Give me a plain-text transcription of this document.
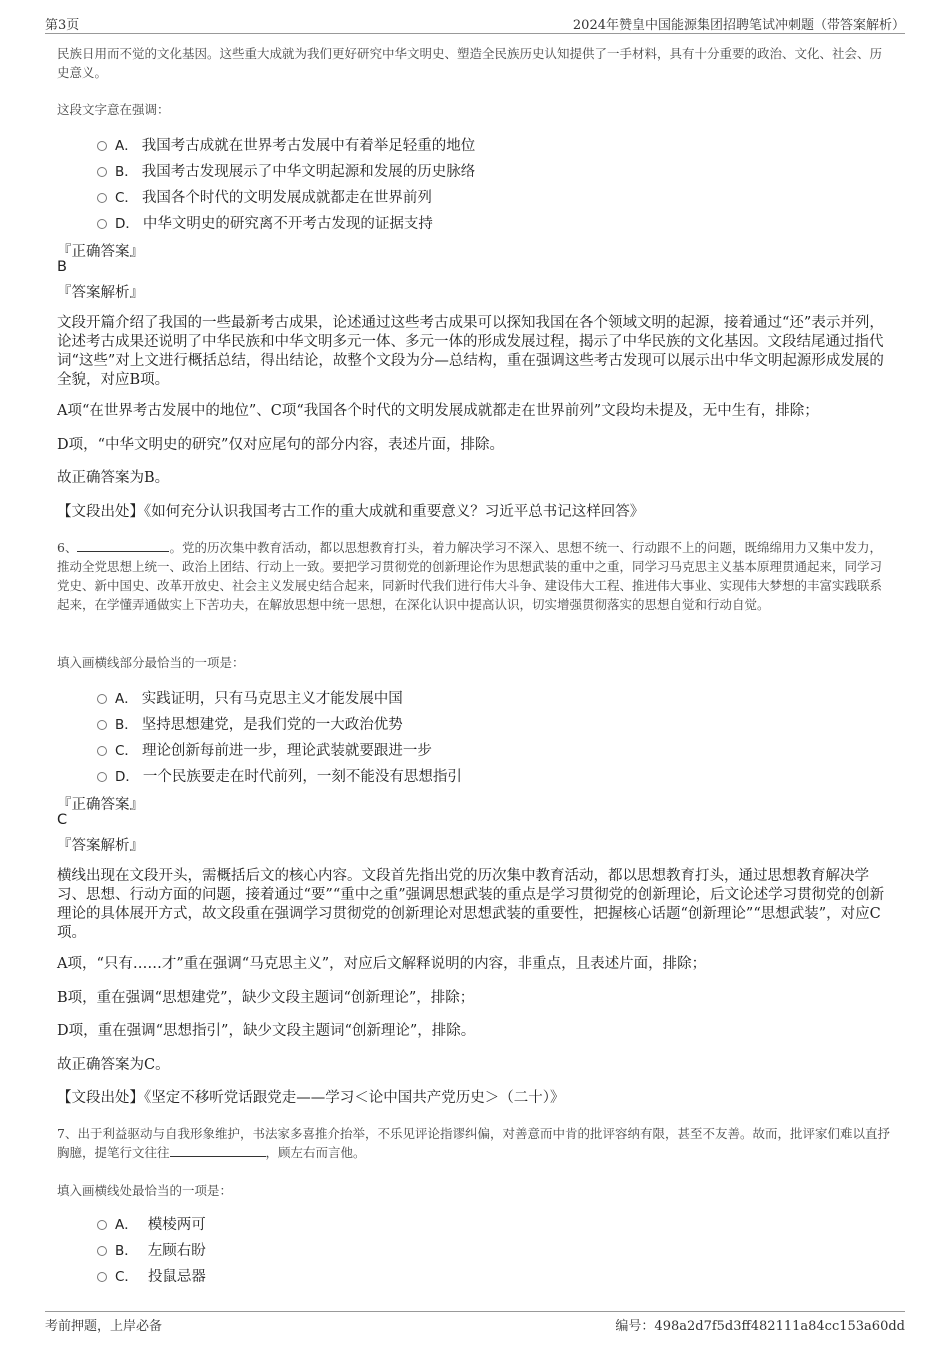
第3页	2024年赞皇中国能源集团招聘笔试冲刺题（带答案解析）
民族日用而不觉的文化基因。这些重大成就为我们更好研究中华文明史、塑造全民族历史认知提供了一手材料，具有十分重要的政治、文化、社会、历史意义。
这段文字意在强调：
A． 我国考古成就在世界考古发展中有着举足轻重的地位
B． 我国考古发现展示了中华文明起源和发展的历史脉络
C． 我国各个时代的文明发展成就都走在世界前列
D． 中华文明史的研究离不开考古发现的证据支持
『正确答案』
B
『答案解析』
文段开篇介绍了我国的一些最新考古成果，论述通过这些考古成果可以探知我国在各个领域文明的起源，接着通过“还”表示并列，论述考古成果还说明了中华民族和中华文明多元一体、多元一体的形成发展过程，揭示了中华民族的文化基因。文段结尾通过指代词“这些”对上文进行概括总结，得出结论，故整个文段为分—总结构，重在强调这些考古发现可以展示出中华文明起源形成发展的全貌，对应B项。
A项“在世界考古发展中的地位”、C项“我国各个时代的文明发展成就都走在世界前列”文段均未提及，无中生有，排除；
D项，“中华文明史的研究”仅对应尾句的部分内容，表述片面，排除。
故正确答案为B。
【文段出处】《如何充分认识我国考古工作的重大成就和重要意义？习近平总书记这样回答》
6、	。党的历次集中教育活动，都以思想教育打头，着力解决学习不深入、思想不统一、行动跟不上的问题，既绵绵用力又集中发力，推动全党思想上统一、政治上团结、行动上一致。要把学习贯彻党的创新理论作为思想武装的重中之重，同学习马克思主义基本原理贯通起来，同学习党史、新中国史、改革开放史、社会主义发展史结合起来，同新时代我们进行伟大斗争、建设伟大工程、推进伟大事业、实现伟大梦想的丰富实践联系起来，在学懂弄通做实上下苦功夫，在解放思想中统一思想，在深化认识中提高认识，切实增强贯彻落实的思想自觉和行动自觉。
填入画横线部分最恰当的一项是：
A． 实践证明，只有马克思主义才能发展中国
B． 坚持思想建党，是我们党的一大政治优势
C． 理论创新每前进一步，理论武装就要跟进一步
D． 一个民族要走在时代前列，一刻不能没有思想指引
『正确答案』
C
『答案解析』
横线出现在文段开头，需概括后文的核心内容。文段首先指出党的历次集中教育活动，都以思想教育打头，通过思想教育解决学习、思想、行动方面的问题，接着通过“要”“重中之重”强调思想武装的重点是学习贯彻党的创新理论，后文论述学习贯彻党的创新理论的具体展开方式，故文段重在强调学习贯彻党的创新理论对思想武装的重要性，把握核心话题“创新理论”“思想武装”，对应C项。
A项，“只有……才”重在强调“马克思主义”，对应后文解释说明的内容，非重点，且表述片面，排除；
B项，重在强调“思想建党”，缺少文段主题词“创新理论”，排除；
D项，重在强调“思想指引”，缺少文段主题词“创新理论”，排除。
故正确答案为C。
【文段出处】《坚定不移听党话跟党走——学习＜论中国共产党历史＞（二十）》
7、出于利益驱动与自我形象维护，书法家多喜推介抬举，不乐见评论指谬纠偏，对善意而中肯的批评容纳有限，甚至不友善。故而，批评家们难以直抒胸臆，提笔行文往往	，顾左右而言他。
填入画横线处最恰当的一项是：
A． 模棱两可
B． 左顾右盼
C． 投鼠忌器
考前押题，上岸必备	编号：498a2d7f5d3ff482111a84cc153a60dd
